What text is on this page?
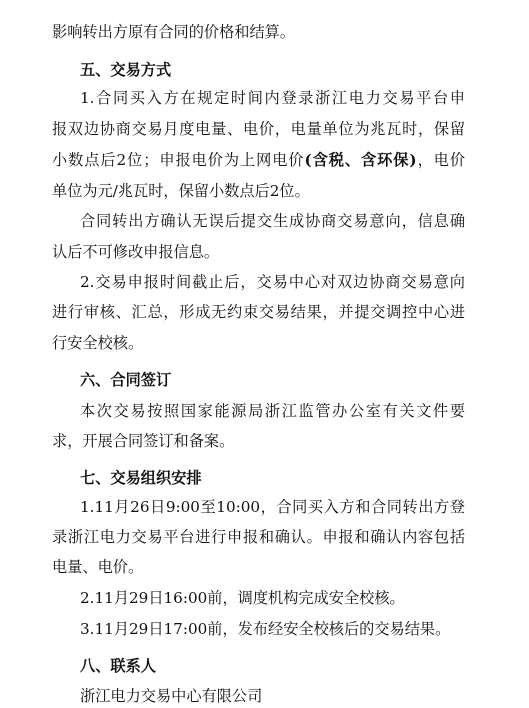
影响转出方原有合同的价格和结算。
五、交易方式
1.合同买入方在规定时间内登录浙江电力交易平台申
报双边协商交易月度电量、电价，电量单位为兆瓦时，保留
小数点后2位；申报电价为上网电价(含税、含环保)，电价
单位为元/兆瓦时，保留小数点后2位。
合同转出方确认无误后提交生成协商交易意向，信息确
认后不可修改申报信息。
2.交易申报时间截止后，交易中心对双边协商交易意向
进行审核、汇总，形成无约束交易结果，并提交调控中心进
行安全校核。
六、合同签订
本次交易按照国家能源局浙江监管办公室有关文件要
求，开展合同签订和备案。
七、交易组织安排
1.11月26日9:00至10:00，合同买入方和合同转出方登
录浙江电力交易平台进行申报和确认。申报和确认内容包括
电量、电价。
2.11月29日16:00前，调度机构完成安全校核。
3.11月29日17:00前，发布经安全校核后的交易结果。
八、联系人
浙江电力交易中心有限公司
